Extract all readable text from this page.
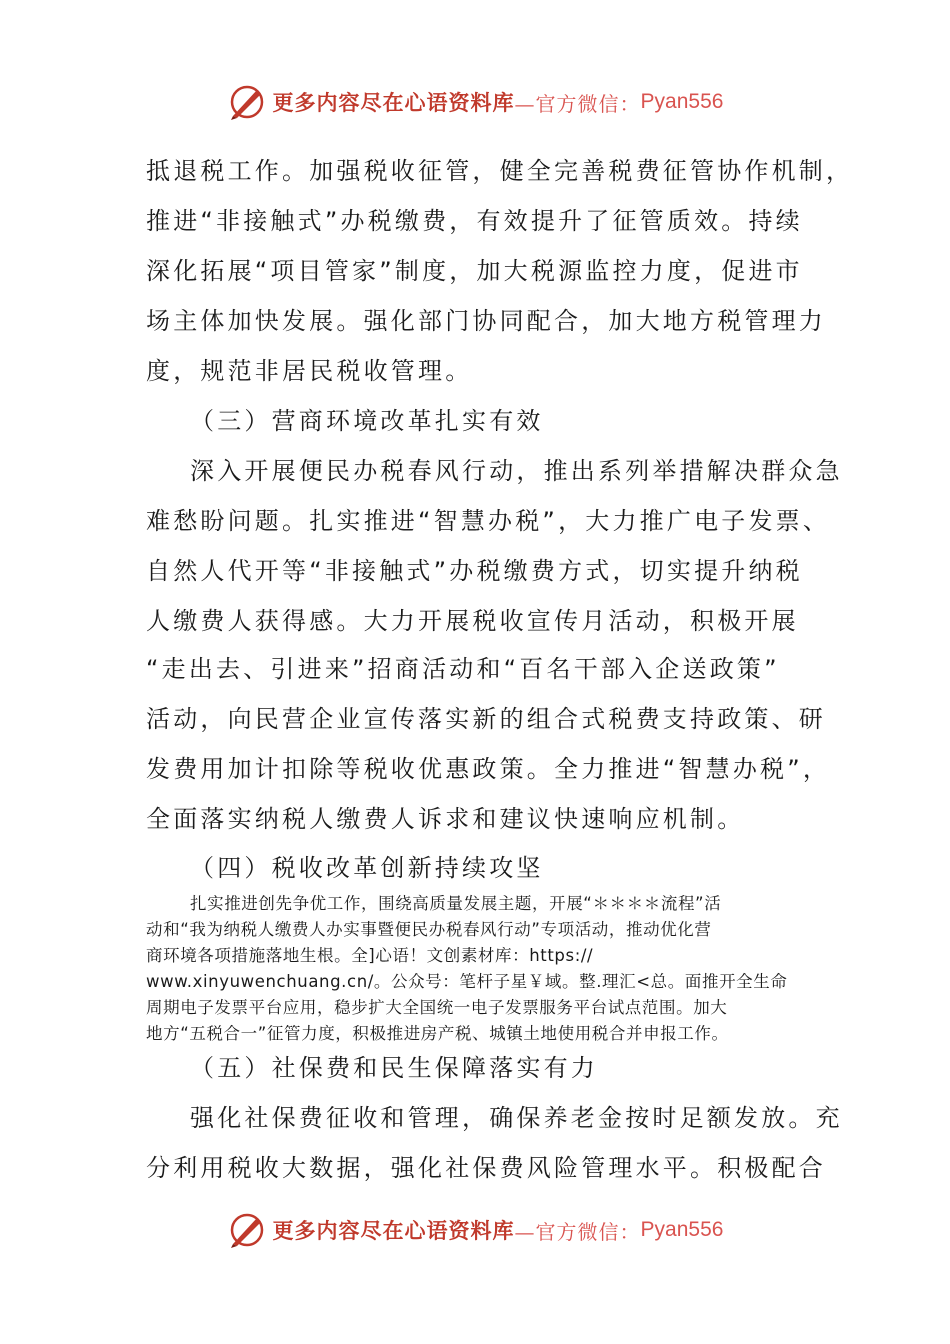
更多内容尽在心语资料库 —官方微信： Pyan556
抵退税工作。加强税收征管，健全完善税费征管协作机制，
推进“非接触式”办税缴费，有效提升了征管质效。持续
深化拓展“项目管家”制度，加大税源监控力度，促进市
场主体加快发展。强化部门协同配合，加大地方税管理力
度，规范非居民税收管理。
（三）营商环境改革扎实有效
深入开展便民办税春风行动，推出系列举措解决群众急
难愁盼问题。扎实推进“智慧办税”，大力推广电子发票、
自然人代开等“非接触式”办税缴费方式，切实提升纳税
人缴费人获得感。大力开展税收宣传月活动，积极开展
“走出去、引进来”招商活动和“百名干部入企送政策”
活动，向民营企业宣传落实新的组合式税费支持政策、研
发费用加计扣除等税收优惠政策。全力推进“智慧办税”，
全面落实纳税人缴费人诉求和建议快速响应机制。
（四）税收改革创新持续攻坚
扎实推进创先争优工作，围绕高质量发展主题，开展“＊＊＊＊流程”活
动和“我为纳税人缴费人办实事暨便民办税春风行动”专项活动，推动优化营
商环境各项措施落地生根。全]心语！文创素材库：https://
www.xinyuwenchuang.cn/。公众号：笔杆子星￥域。整.理汇<总。面推开全生命
周期电子发票平台应用，稳步扩大全国统一电子发票服务平台试点范围。加大
地方“五税合一”征管力度，积极推进房产税、城镇土地使用税合并申报工作。
（五）社保费和民生保障落实有力
强化社保费征收和管理，确保养老金按时足额发放。充
分利用税收大数据，强化社保费风险管理水平。积极配合
更多内容尽在心语资料库 —官方微信： Pyan556
